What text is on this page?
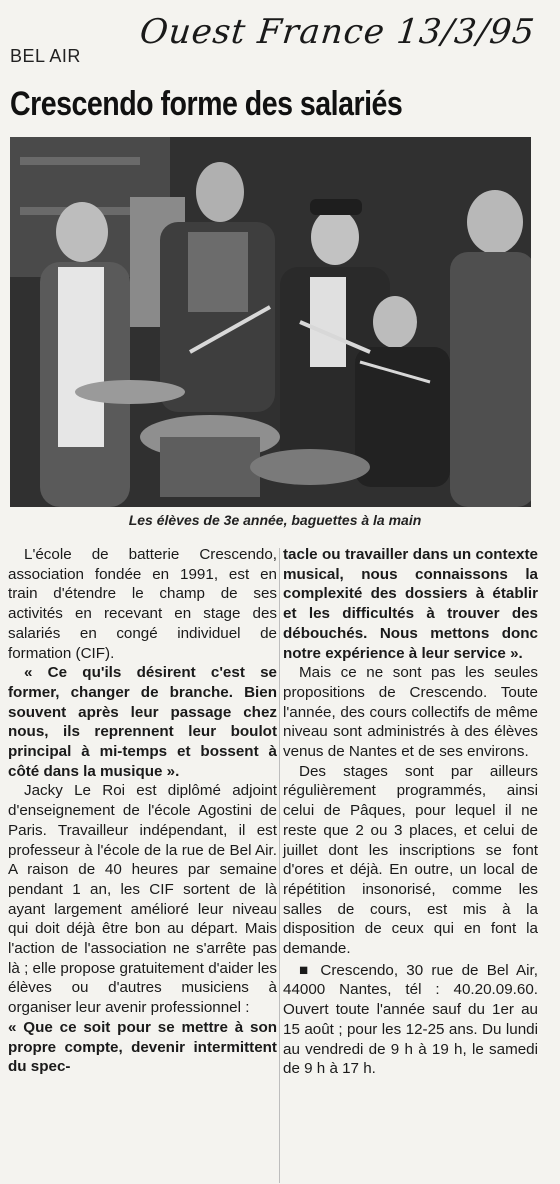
Ouest France 13/3/95
BEL AIR
Crescendo forme des salariés
Les élèves de 3e année, baguettes à la main

L'école de batterie Crescendo, association fondée en 1991, est en train d'étendre le champ de ses activités en recevant en stage des salariés en congé individuel de formation (CIF).

« Ce qu'ils désirent c'est se former, changer de branche. Bien souvent après leur passage chez nous, ils reprennent leur boulot principal à mi-temps et bossent à côté dans la musique ».

Jacky Le Roi est diplômé adjoint d'enseignement de l'école Agostini de Paris. Travailleur indépendant, il est professeur à l'école de la rue de Bel Air. A raison de 40 heures par semaine pendant 1 an, les CIF sortent de là ayant largement amélioré leur niveau qui doit déjà être bon au départ. Mais l'action de l'association ne s'arrête pas là ; elle propose gratuitement d'aider les élèves ou d'autres musiciens à organiser leur avenir professionnel :

« Que ce soit pour se mettre à son propre compte, devenir intermittent du spec-

tacle ou travailler dans un contexte musical, nous connaissons la complexité des dossiers à établir et les difficultés à trouver des débouchés. Nous mettons donc notre expérience à leur service ».

Mais ce ne sont pas les seules propositions de Crescendo. Toute l'année, des cours collectifs de même niveau sont administrés à des élèves venus de Nantes et de ses environs.

Des stages sont par ailleurs régulièrement programmés, ainsi celui de Pâques, pour lequel il ne reste que 2 ou 3 places, et celui de juillet dont les inscriptions se font d'ores et déjà. En outre, un local de répétition insonorisé, comme les salles de cours, est mis à la disposition de ceux qui en font la demande.

■ Crescendo, 30 rue de Bel Air, 44000 Nantes, tél : 40.20.09.60. Ouvert toute l'année sauf du 1er au 15 août ; pour les 12-25 ans. Du lundi au vendredi de 9 h à 19 h, le samedi de 9 h à 17 h.
